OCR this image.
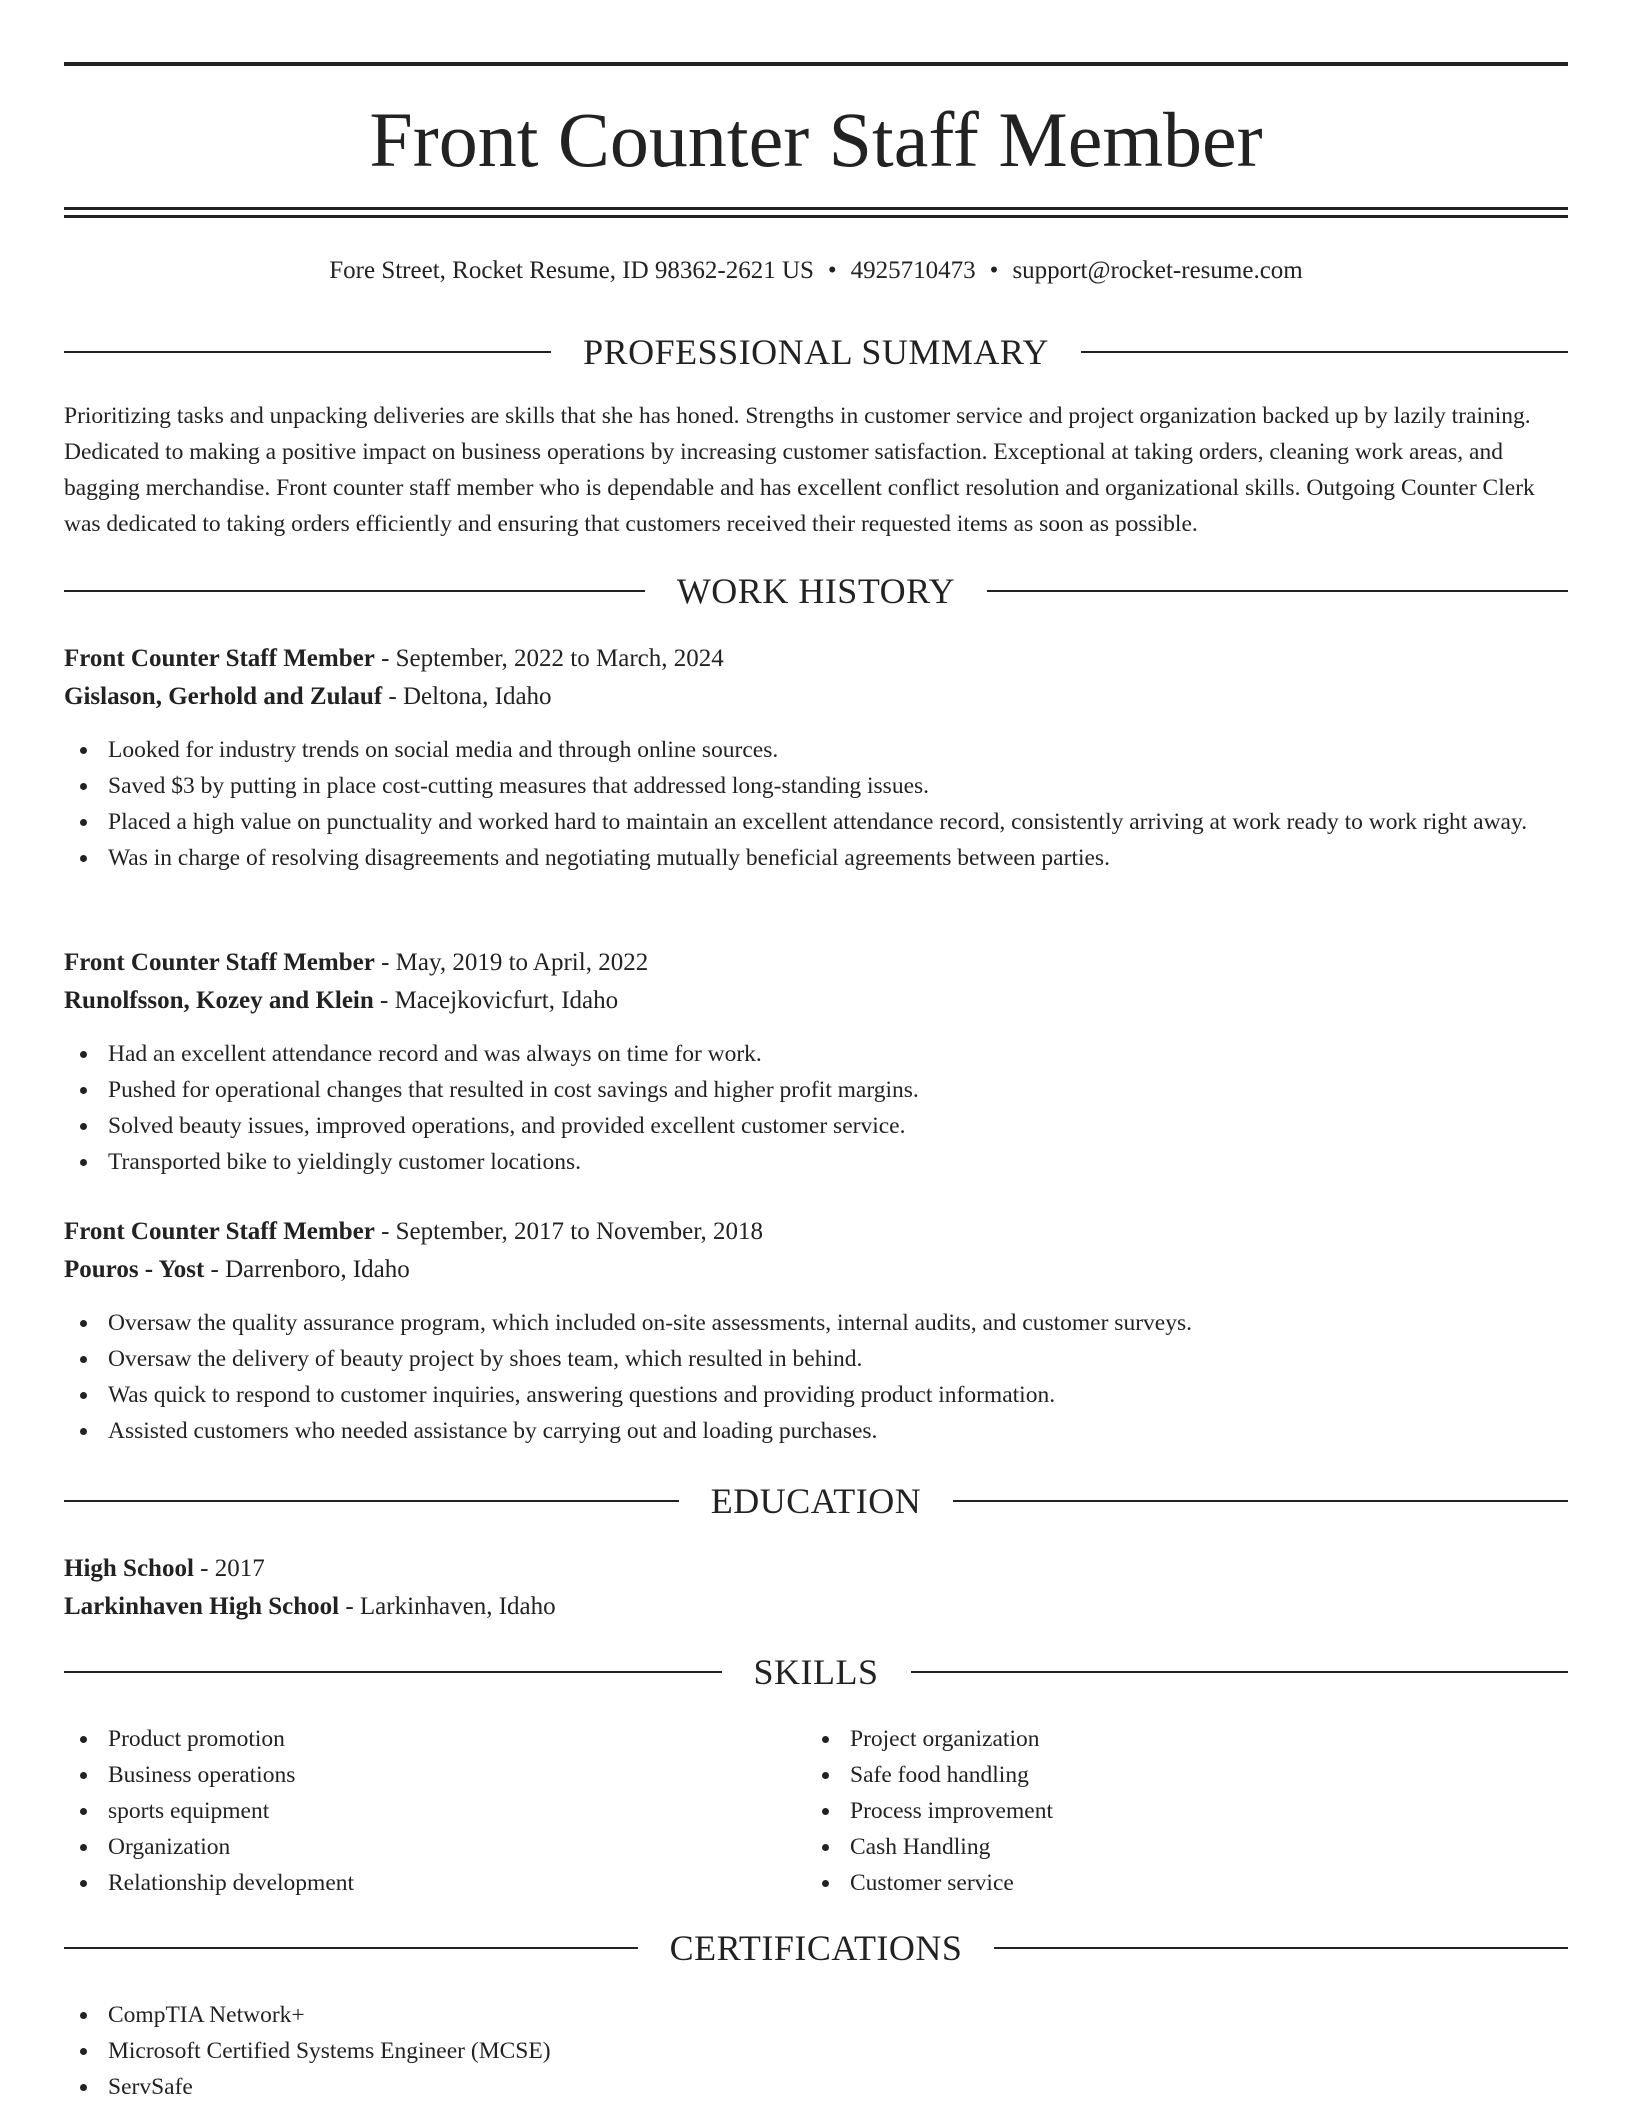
Front Counter Staff Member
Fore Street, Rocket Resume, ID 98362-2621 US • 4925710473 • support@rocket-resume.com
PROFESSIONAL SUMMARY
Prioritizing tasks and unpacking deliveries are skills that she has honed. Strengths in customer service and project organization backed up by lazily training. Dedicated to making a positive impact on business operations by increasing customer satisfaction. Exceptional at taking orders, cleaning work areas, and bagging merchandise. Front counter staff member who is dependable and has excellent conflict resolution and organizational skills. Outgoing Counter Clerk was dedicated to taking orders efficiently and ensuring that customers received their requested items as soon as possible.
WORK HISTORY
Front Counter Staff Member - September, 2022 to March, 2024
Gislason, Gerhold and Zulauf - Deltona, Idaho
Looked for industry trends on social media and through online sources.
Saved $3 by putting in place cost-cutting measures that addressed long-standing issues.
Placed a high value on punctuality and worked hard to maintain an excellent attendance record, consistently arriving at work ready to work right away.
Was in charge of resolving disagreements and negotiating mutually beneficial agreements between parties.
Front Counter Staff Member - May, 2019 to April, 2022
Runolfsson, Kozey and Klein - Macejkovicfurt, Idaho
Had an excellent attendance record and was always on time for work.
Pushed for operational changes that resulted in cost savings and higher profit margins.
Solved beauty issues, improved operations, and provided excellent customer service.
Transported bike to yieldingly customer locations.
Front Counter Staff Member - September, 2017 to November, 2018
Pouros - Yost - Darrenboro, Idaho
Oversaw the quality assurance program, which included on-site assessments, internal audits, and customer surveys.
Oversaw the delivery of beauty project by shoes team, which resulted in behind.
Was quick to respond to customer inquiries, answering questions and providing product information.
Assisted customers who needed assistance by carrying out and loading purchases.
EDUCATION
High School - 2017
Larkinhaven High School - Larkinhaven, Idaho
SKILLS
Product promotion
Business operations
sports equipment
Organization
Relationship development
Project organization
Safe food handling
Process improvement
Cash Handling
Customer service
CERTIFICATIONS
CompTIA Network+
Microsoft Certified Systems Engineer (MCSE)
ServSafe
